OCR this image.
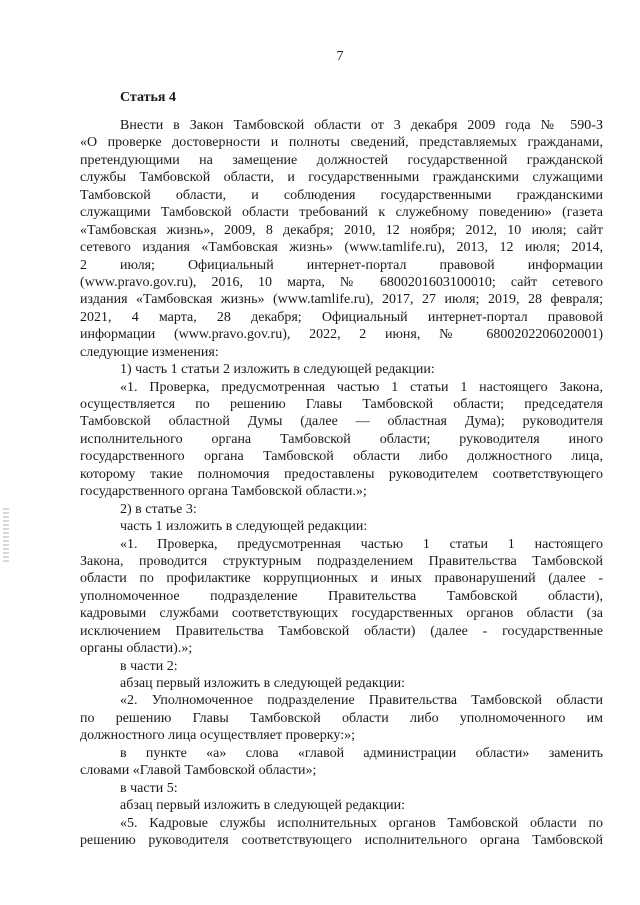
7
Статья 4
Внести в Закон Тамбовской области от 3 декабря 2009 года № 590-З
«О проверке достоверности и полноты сведений, представляемых гражданами,
претендующими на замещение должностей государственной гражданской
службы Тамбовской области, и государственными гражданскими служащими
Тамбовской области, и соблюдения государственными гражданскими
служащими Тамбовской области требований к служебному поведению» (газета
«Тамбовская жизнь», 2009, 8 декабря; 2010, 12 ноября; 2012, 10 июля; сайт
сетевого издания «Тамбовская жизнь» (www.tamlife.ru), 2013, 12 июля; 2014,
2 июля; Официальный интернет-портал правовой информации
(www.pravo.gov.ru), 2016, 10 марта, № 6800201603100010; сайт сетевого
издания «Тамбовская жизнь» (www.tamlife.ru), 2017, 27 июля; 2019, 28 февраля;
2021, 4 марта, 28 декабря; Официальный интернет-портал правовой
информации (www.pravo.gov.ru), 2022, 2 июня, № 6800202206020001)
следующие изменения:
1) часть 1 статьи 2 изложить в следующей редакции:
«1. Проверка, предусмотренная частью 1 статьи 1 настоящего Закона,
осуществляется по решению Главы Тамбовской области; председателя
Тамбовской областной Думы (далее — областная Дума); руководителя
исполнительного органа Тамбовской области; руководителя иного
государственного органа Тамбовской области либо должностного лица,
которому такие полномочия предоставлены руководителем соответствующего
государственного органа Тамбовской области.»;
2) в статье 3:
часть 1 изложить в следующей редакции:
«1. Проверка, предусмотренная частью 1 статьи 1 настоящего
Закона, проводится структурным подразделением Правительства Тамбовской
области по профилактике коррупционных и иных правонарушений (далее -
уполномоченное подразделение Правительства Тамбовской области),
кадровыми службами соответствующих государственных органов области (за
исключением Правительства Тамбовской области) (далее - государственные
органы области).»;
в части 2:
абзац первый изложить в следующей редакции:
«2. Уполномоченное подразделение Правительства Тамбовской области
по решению Главы Тамбовской области либо уполномоченного им
должностного лица осуществляет проверку:»;
в пункте «а» слова «главой администрации области» заменить
словами «Главой Тамбовской области»;
в части 5:
абзац первый изложить в следующей редакции:
«5. Кадровые службы исполнительных органов Тамбовской области по
решению руководителя соответствующего исполнительного органа Тамбовской
